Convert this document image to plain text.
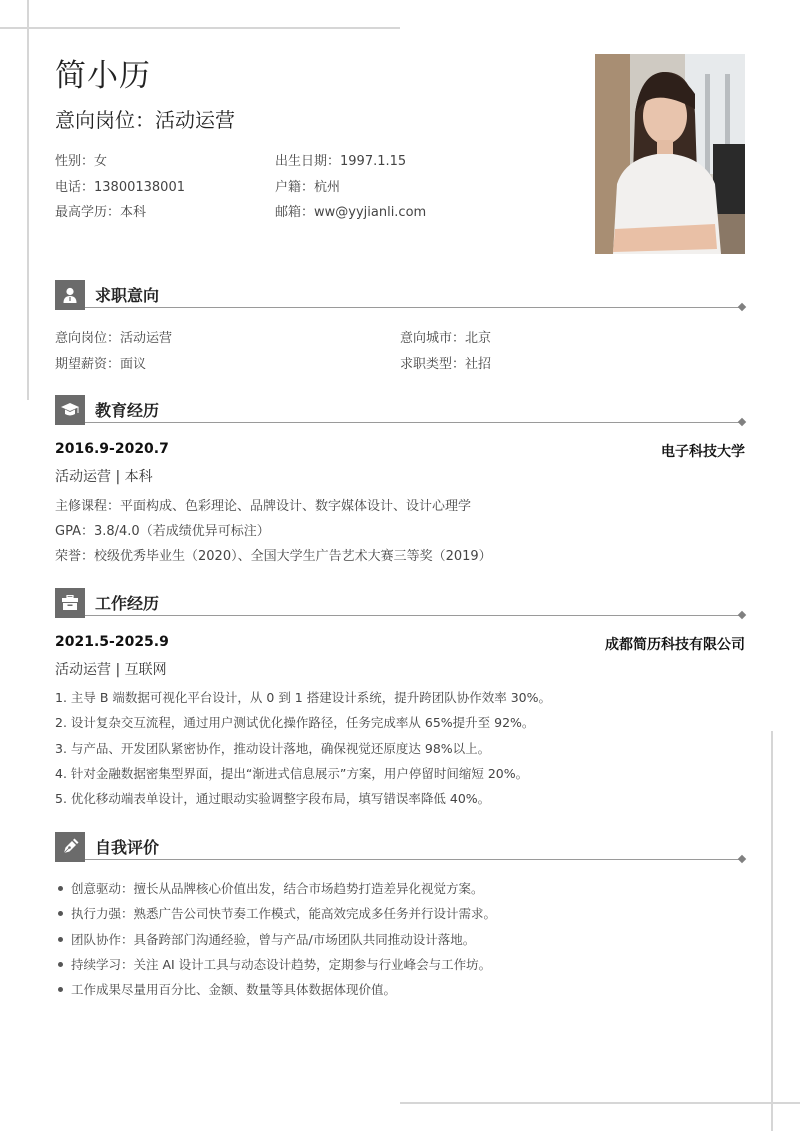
简小历
意向岗位：活动运营
性别：女	出生日期：1997.1.15
电话：13800138001	户籍：杭州
最高学历：本科	邮箱：ww@yyjianli.com
求职意向
意向岗位：活动运营	意向城市：北京
期望薪资：面议	求职类型：社招
教育经历
2016.9-2020.7	电子科技大学
活动运营 | 本科
主修课程：平面构成、色彩理论、品牌设计、数字媒体设计、设计心理学
GPA：3.8/4.0（若成绩优异可标注）
荣誉：校级优秀毕业生（2020）、全国大学生广告艺术大赛三等奖（2019）
工作经历
2021.5-2025.9	成都简历科技有限公司
活动运营 | 互联网
1. 主导 B 端数据可视化平台设计，从 0 到 1 搭建设计系统，提升跨团队协作效率 30%。
2. 设计复杂交互流程，通过用户测试优化操作路径，任务完成率从 65%提升至 92%。
3. 与产品、开发团队紧密协作，推动设计落地，确保视觉还原度达 98%以上。
4. 针对金融数据密集型界面，提出“渐进式信息展示”方案，用户停留时间缩短 20%。
5. 优化移动端表单设计，通过眼动实验调整字段布局，填写错误率降低 40%。
自我评价
创意驱动：擅长从品牌核心价值出发，结合市场趋势打造差异化视觉方案。
执行力强：熟悉广告公司快节奏工作模式，能高效完成多任务并行设计需求。
团队协作：具备跨部门沟通经验，曾与产品/市场团队共同推动设计落地。
持续学习：关注 AI 设计工具与动态设计趋势，定期参与行业峰会与工作坊。
工作成果尽量用百分比、金额、数量等具体数据体现价值。
